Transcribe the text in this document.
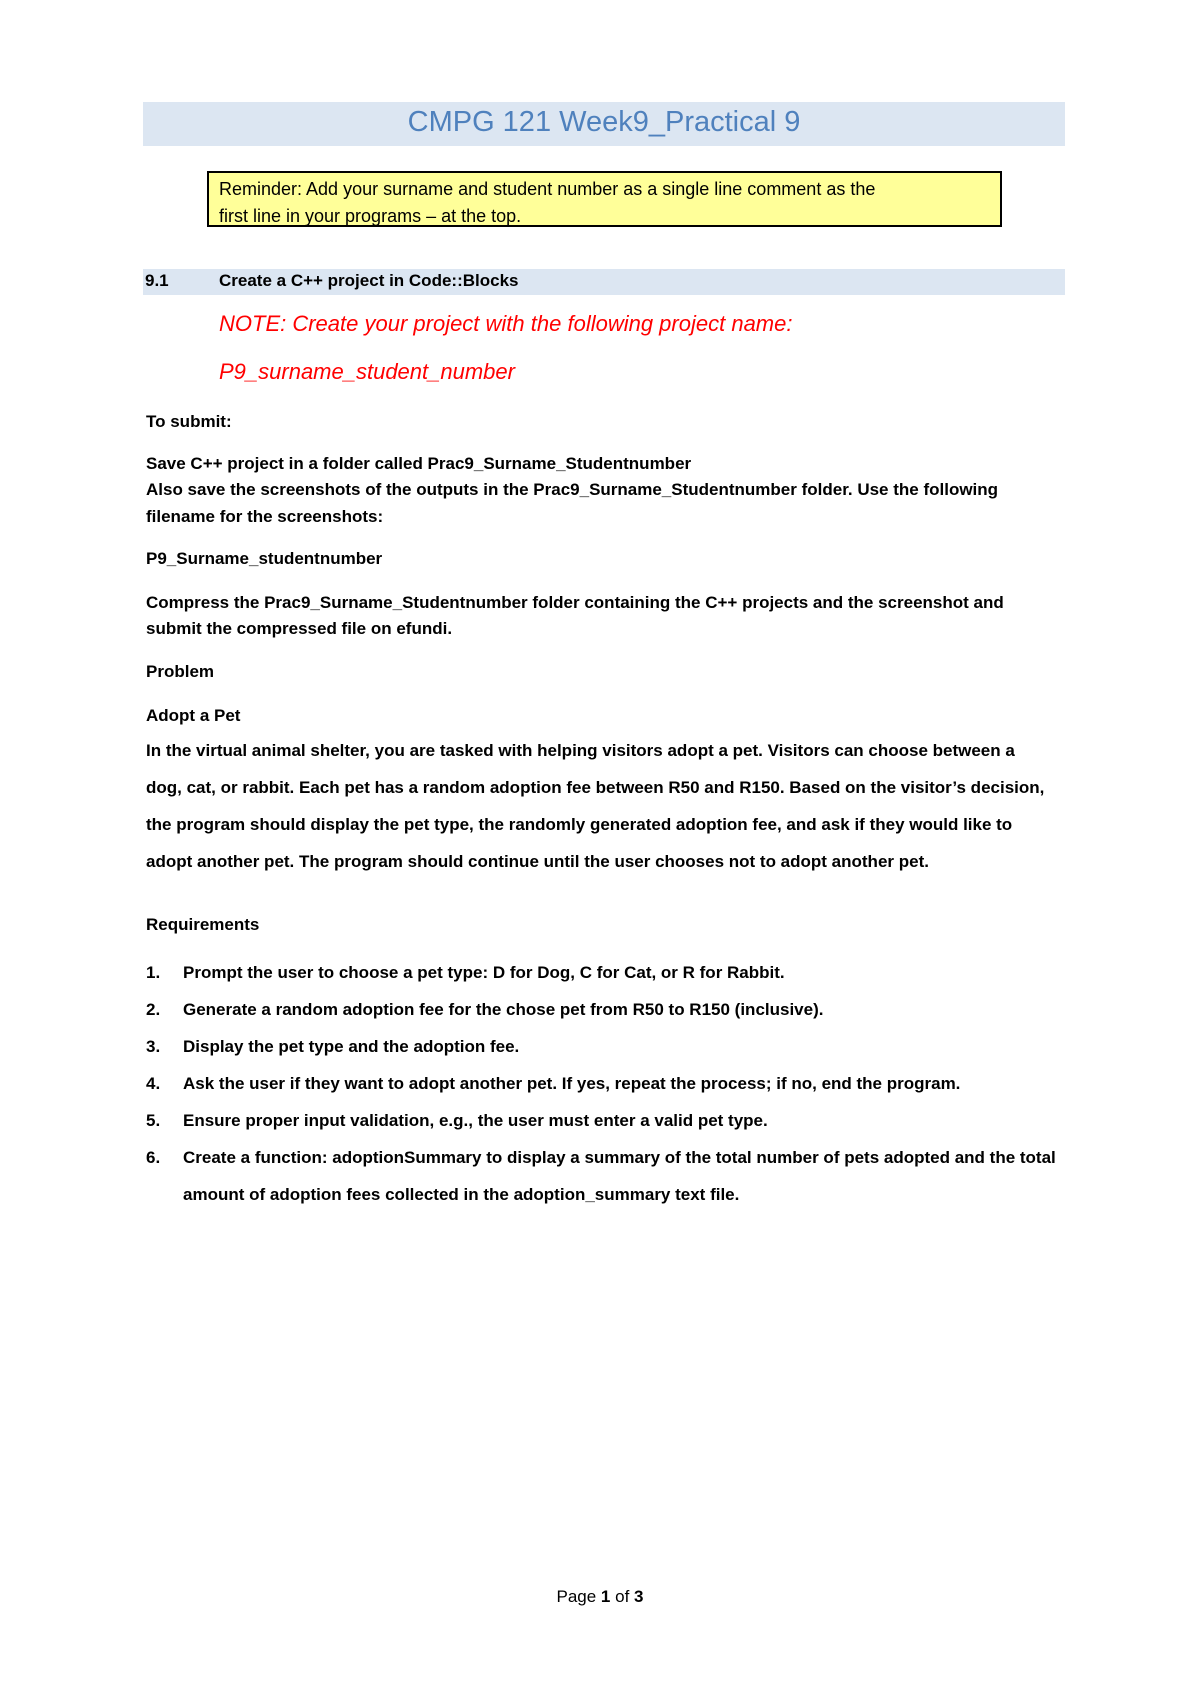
CMPG 121 Week9_Practical 9
Reminder: Add your surname and student number as a single line comment as the
first line in your programs – at the top.
9.1	Create a C++ project in Code::Blocks
NOTE: Create your project with the following project name:
P9_surname_student_number
To submit:
Save C++ project in a folder called Prac9_Surname_Studentnumber
Also save the screenshots of the outputs in the Prac9_Surname_Studentnumber folder. Use the following
filename for the screenshots:
P9_Surname_studentnumber
Compress the Prac9_Surname_Studentnumber folder containing the C++ projects and the screenshot and
submit the compressed file on efundi.
Problem
Adopt a Pet
In the virtual animal shelter, you are tasked with helping visitors adopt a pet. Visitors can choose between a
dog, cat, or rabbit. Each pet has a random adoption fee between R50 and R150. Based on the visitor’s decision,
the program should display the pet type, the randomly generated adoption fee, and ask if they would like to
adopt another pet. The program should continue until the user chooses not to adopt another pet.
Requirements
1. Prompt the user to choose a pet type: D for Dog, C for Cat, or R for Rabbit.
2. Generate a random adoption fee for the chose pet from R50 to R150 (inclusive).
3. Display the pet type and the adoption fee.
4. Ask the user if they want to adopt another pet. If yes, repeat the process; if no, end the program.
5. Ensure proper input validation, e.g., the user must enter a valid pet type.
6. Create a function: adoptionSummary to display a summary of the total number of pets adopted and the total amount of adoption fees collected in the adoption_summary text file.
Page 1 of 3
